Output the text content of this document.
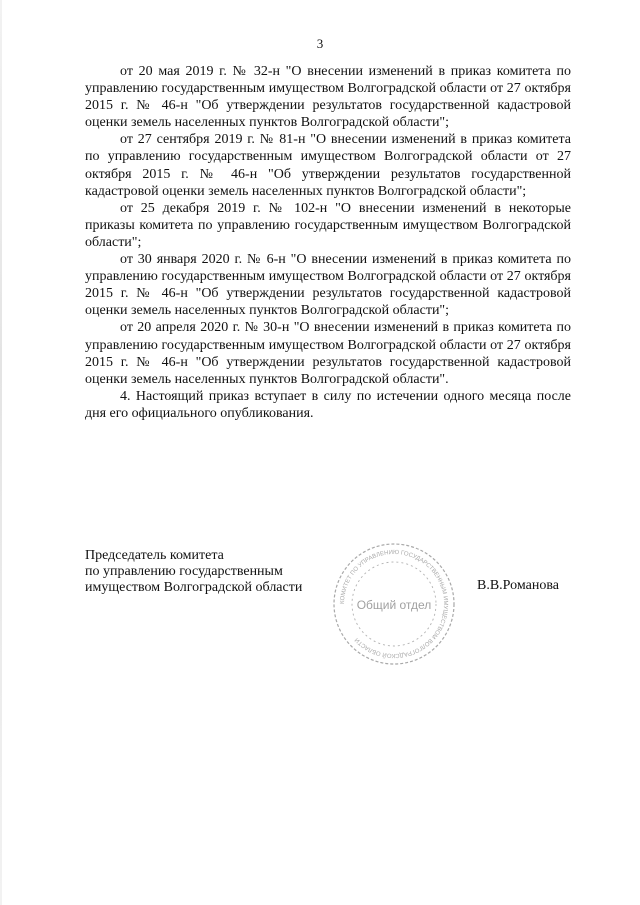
3

от 20 мая 2019 г. № 32-н "О внесении изменений в приказ комитета по управлению государственным имуществом Волгоградской области от 27 октября 2015 г. № 46-н "Об утверждении результатов государственной кадастровой оценки земель населенных пунктов Волгоградской области";

от 27 сентября 2019 г. № 81-н "О внесении изменений в приказ комитета по управлению государственным имуществом Волгоградской области от 27 октября 2015 г. № 46-н "Об утверждении результатов государственной кадастровой оценки земель населенных пунктов Волгоградской области";

от 25 декабря 2019 г. № 102-н "О внесении изменений в некоторые приказы комитета по управлению государственным имуществом Волгоградской области";

от 30 января 2020 г. № 6-н "О внесении изменений в приказ комитета по управлению государственным имуществом Волгоградской области от 27 октября 2015 г. № 46-н "Об утверждении результатов государственной кадастровой оценки земель населенных пунктов Волгоградской области";

от 20 апреля 2020 г. № 30-н "О внесении изменений в приказ комитета по управлению государственным имуществом Волгоградской области от 27 октября 2015 г. № 46-н "Об утверждении результатов государственной кадастровой оценки земель населенных пунктов Волгоградской области".

4. Настоящий приказ вступает в силу по истечении одного месяца после дня его официального опубликования.

Председатель комитета
по управлению государственным
имуществом Волгоградской области
КОМИТЕТ ПО УПРАВЛЕНИЮ ГОСУДАРСТВЕННЫМ ИМУЩЕСТВОМ ВОЛГОГРАДСКОЙ ОБЛАСТИ
Общий отдел
В.В.Романова
